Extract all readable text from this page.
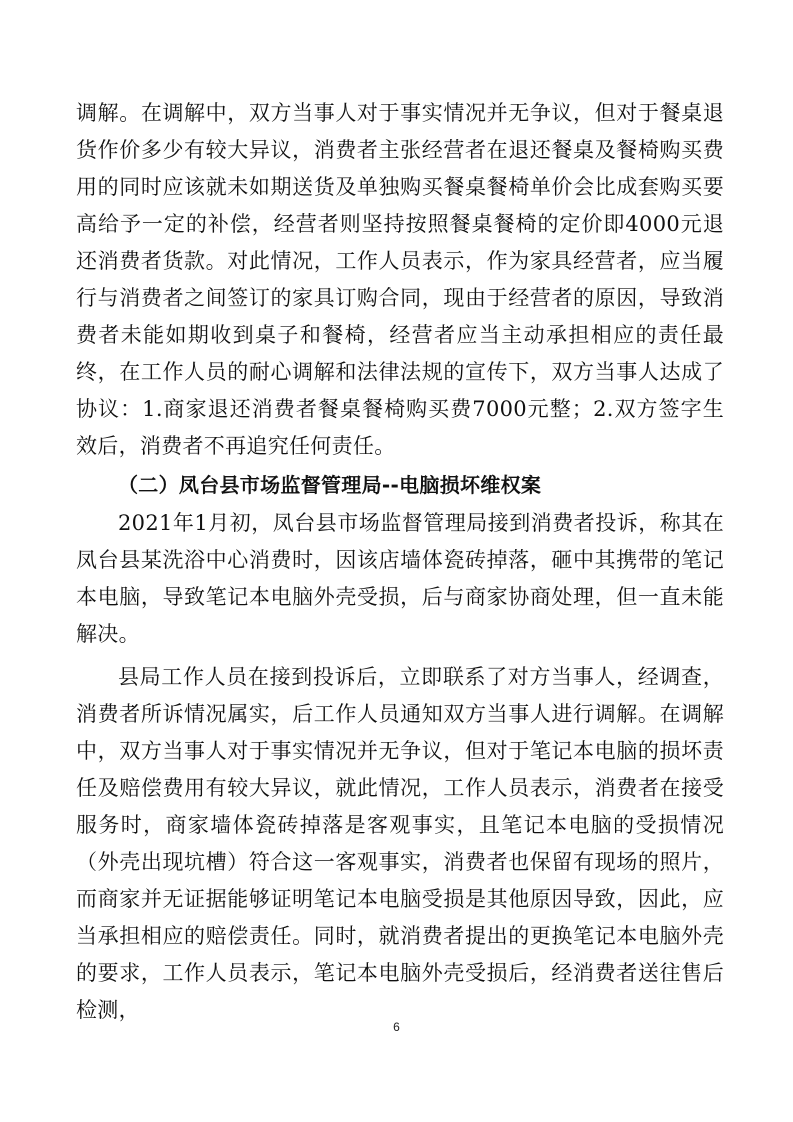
调解。在调解中，双方当事人对于事实情况并无争议，但对于餐桌退货作价多少有较大异议，消费者主张经营者在退还餐桌及餐椅购买费用的同时应该就未如期送货及单独购买餐桌餐椅单价会比成套购买要高给予一定的补偿，经营者则坚持按照餐桌餐椅的定价即4000元退还消费者货款。对此情况，工作人员表示，作为家具经营者，应当履行与消费者之间签订的家具订购合同，现由于经营者的原因，导致消费者未能如期收到桌子和餐椅，经营者应当主动承担相应的责任最终，在工作人员的耐心调解和法律法规的宣传下，双方当事人达成了协议：1.商家退还消费者餐桌餐椅购买费7000元整；2.双方签字生效后，消费者不再追究任何责任。

（二）凤台县市场监督管理局--电脑损坏维权案

2021年1月初，凤台县市场监督管理局接到消费者投诉，称其在凤台县某洗浴中心消费时，因该店墙体瓷砖掉落，砸中其携带的笔记本电脑，导致笔记本电脑外壳受损，后与商家协商处理，但一直未能解决。

县局工作人员在接到投诉后，立即联系了对方当事人，经调查，消费者所诉情况属实，后工作人员通知双方当事人进行调解。在调解中，双方当事人对于事实情况并无争议，但对于笔记本电脑的损坏责任及赔偿费用有较大异议，就此情况，工作人员表示，消费者在接受服务时，商家墙体瓷砖掉落是客观事实，且笔记本电脑的受损情况（外壳出现坑槽）符合这一客观事实，消费者也保留有现场的照片，而商家并无证据能够证明笔记本电脑受损是其他原因导致，因此，应当承担相应的赔偿责任。同时，就消费者提出的更换笔记本电脑外壳的要求，工作人员表示，笔记本电脑外壳受损后，经消费者送往售后检测，

6
